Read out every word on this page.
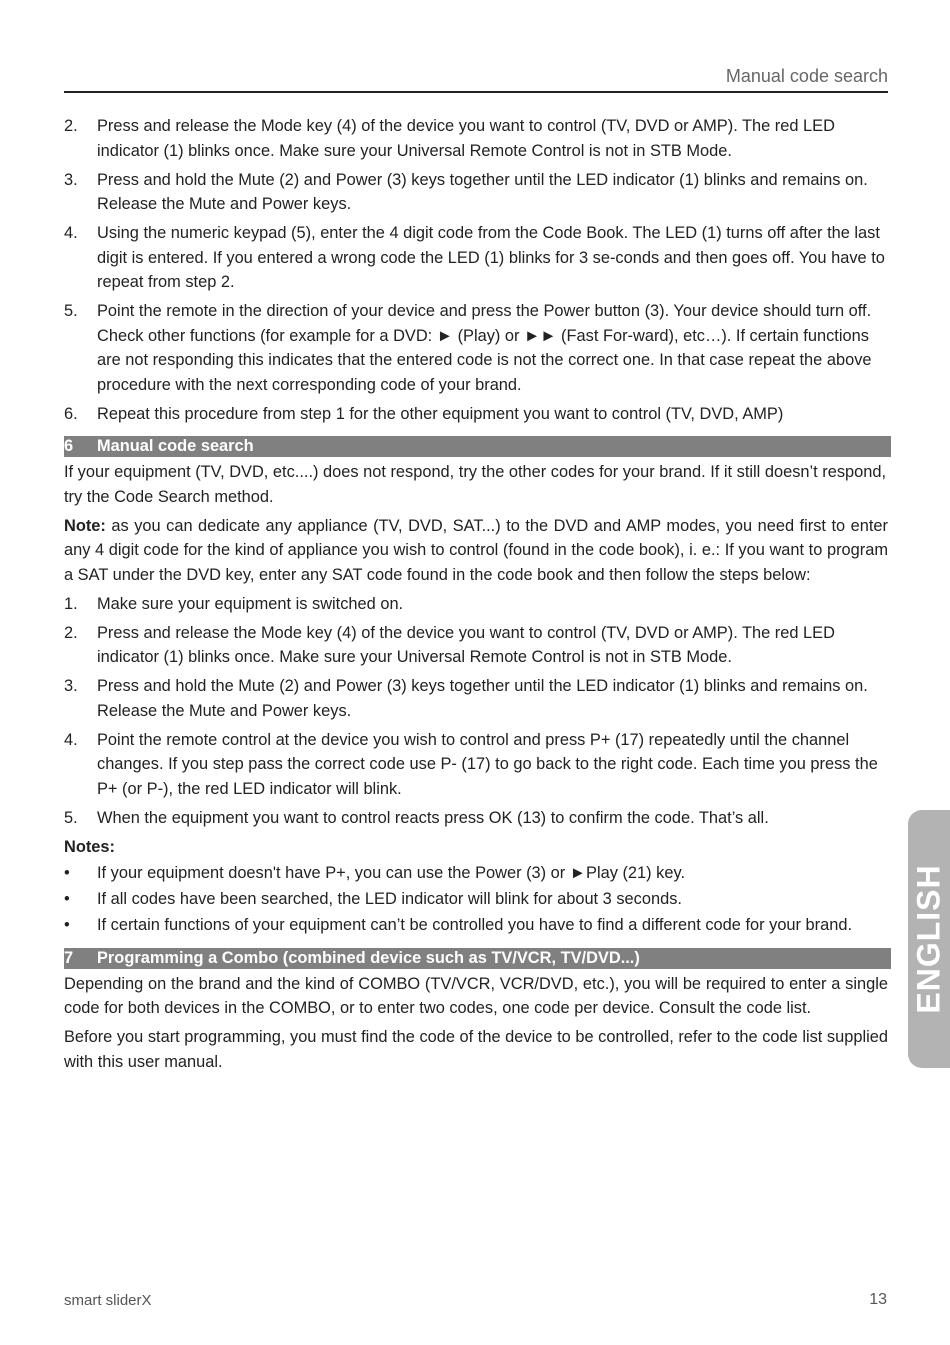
Manual code search
2.	Press and release the Mode key (4) of the device you want to control (TV, DVD or AMP). The red LED indicator (1) blinks once. Make sure your Universal Remote Control is not in STB Mode.
3.	Press and hold the Mute (2) and Power (3) keys together until the LED indicator (1) blinks and remains on. Release the Mute and Power keys.
4.	Using the numeric keypad (5), enter the 4 digit code from the Code Book. The LED (1) turns off after the last digit is entered. If you entered a wrong code the LED (1) blinks for 3 se-conds and then goes off. You have to repeat from step 2.
5.	Point the remote in the direction of your device and press the Power button (3). Your device should turn off. Check other functions (for example for a DVD: ► (Play) or ►► (Fast For-ward), etc…). If certain functions are not responding this indicates that the entered code is not the correct one. In that case repeat the above procedure with the next corresponding code of your brand.
6.	Repeat this procedure from step 1 for the other equipment you want to control (TV, DVD, AMP)
6	Manual code search
If your equipment (TV, DVD, etc....) does not respond, try the other codes for your brand. If it still doesn’t respond, try the Code Search method.
Note: as you can dedicate any appliance (TV, DVD, SAT...) to the DVD and AMP modes, you need first to enter any 4 digit code for the kind of appliance you wish to control (found in the code book), i. e.: If you want to program a SAT under the DVD key, enter any SAT code found in the code book and then follow the steps below:
1.	Make sure your equipment is switched on.
2.	Press and release the Mode key (4) of the device you want to control (TV, DVD or AMP). The red LED indicator (1) blinks once. Make sure your Universal Remote Control is not in STB Mode.
3.	Press and hold the Mute (2) and Power (3) keys together until the LED indicator (1) blinks and remains on. Release the Mute and Power keys.
4.	Point the remote control at the device you wish to control and press P+ (17) repeatedly until the channel changes. If you step pass the correct code use P- (17) to go back to the right code. Each time you press the P+ (or P-), the red LED indicator will blink.
5.	When the equipment you want to control reacts press OK (13) to confirm the code. That’s all.
Notes:
•	If your equipment doesn't have P+, you can use the Power (3) or ►Play (21) key.
•	If all codes have been searched, the LED indicator will blink for about 3 seconds.
•	If certain functions of your equipment can’t be controlled you have to find a different code for your brand.
7	Programming a Combo (combined device such as TV/VCR, TV/DVD...)
Depending on the brand and the kind of COMBO (TV/VCR, VCR/DVD, etc.), you will be required to enter a single code for both devices in the COMBO, or to enter two codes, one code per device. Consult the code list.
Before you start programming, you must find the code of the device to be controlled, refer to the code list supplied with this user manual.
smart sliderX	13
ENGLISH
